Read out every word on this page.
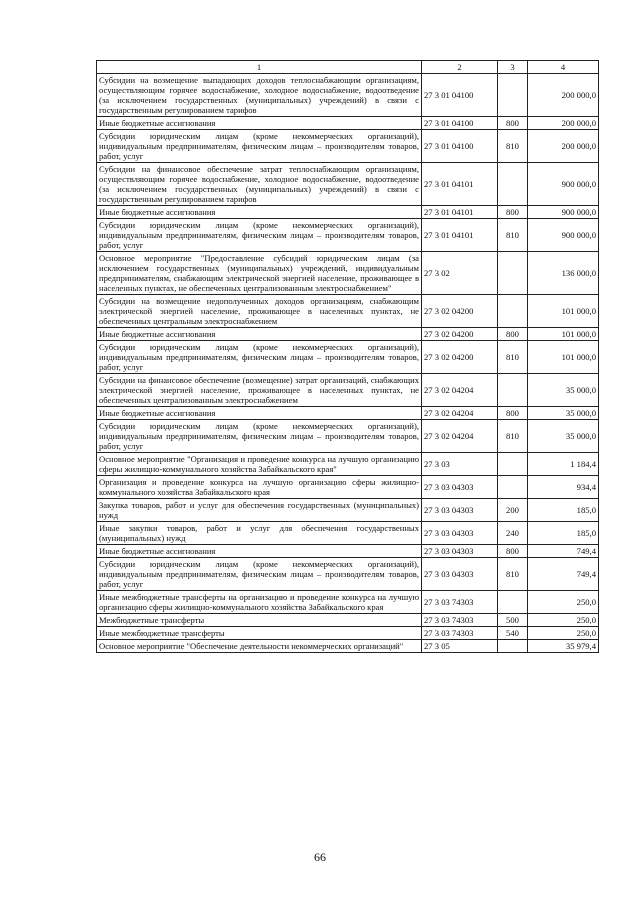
1	2	3	4
Субсидии на возмещение выпадающих доходов теплоснабжающим организациям, осуществляющим горячее водоснабжение, холодное водоснабжение, водоотведение (за исключением государственных (муниципальных) учреждений) в связи с государственным регулированием тарифов	27 3 01 04100		200 000,0
Иные бюджетные ассигнования	27 3 01 04100	800	200 000,0
Субсидии юридическим лицам (кроме некоммерческих организаций), индивидуальным предпринимателям, физическим лицам – производителям товаров, работ, услуг	27 3 01 04100	810	200 000,0
Субсидии на финансовое обеспечение затрат теплоснабжающим организациям, осуществляющим горячее водоснабжение, холодное водоснабжение, водоотведение (за исключением государственных (муниципальных) учреждений) в связи с государственным регулированием тарифов	27 3 01 04101		900 000,0
Иные бюджетные ассигнования	27 3 01 04101	800	900 000,0
Субсидии юридическим лицам (кроме некоммерческих организаций), индивидуальным предпринимателям, физическим лицам – производителям товаров, работ, услуг	27 3 01 04101	810	900 000,0
Основное мероприятие "Предоставление субсидий юридическим лицам (за исключением государственных (муниципальных) учреждений, индивидуальным предпринимателям, снабжающим электрической энергией население, проживающее в населенных пунктах, не обеспеченных централизованным электроснабжением"	27 3 02		136 000,0
Субсидии на возмещение недополученных доходов организациям, снабжающим электрической энергией население, проживающее в населенных пунктах, не обеспеченных центральным электроснабжением	27 3 02 04200		101 000,0
Иные бюджетные ассигнования	27 3 02 04200	800	101 000,0
Субсидии юридическим лицам (кроме некоммерческих организаций), индивидуальным предпринимателям, физическим лицам – производителям товаров, работ, услуг	27 3 02 04200	810	101 000,0
Субсидии на финансовое обеспечение (возмещение) затрат организаций, снабжающих электрической энергией население, проживающее в населенных пунктах, не обеспеченных централизованным электроснабжением	27 3 02 04204		35 000,0
Иные бюджетные ассигнования	27 3 02 04204	800	35 000,0
Субсидии юридическим лицам (кроме некоммерческих организаций), индивидуальным предпринимателям, физическим лицам – производителям товаров, работ, услуг	27 3 02 04204	810	35 000,0
Основное мероприятие "Организация и проведение конкурса на лучшую организацию сферы жилищно-коммунального хозяйства Забайкальского края"	27 3 03		1 184,4
Организация и проведение конкурса на лучшую организацию сферы жилищно-коммунального хозяйства Забайкальского края	27 3 03 04303		934,4
Закупка товаров, работ и услуг для обеспечения государственных (муниципальных) нужд	27 3 03 04303	200	185,0
Иные закупки товаров, работ и услуг для обеспечения государственных (муниципальных) нужд	27 3 03 04303	240	185,0
Иные бюджетные ассигнования	27 3 03 04303	800	749,4
Субсидии юридическим лицам (кроме некоммерческих организаций), индивидуальным предпринимателям, физическим лицам – производителям товаров, работ, услуг	27 3 03 04303	810	749,4
Иные межбюджетные трансферты на организацию и проведение конкурса на лучшую организацию сферы жилищно-коммунального хозяйства Забайкальского края	27 3 03 74303		250,0
Межбюджетные трансферты	27 3 03 74303	500	250,0
Иные межбюджетные трансферты	27 3 03 74303	540	250,0
Основное мероприятие "Обеспечение деятельности некоммерческих организаций"	27 3 05		35 979,4
66
